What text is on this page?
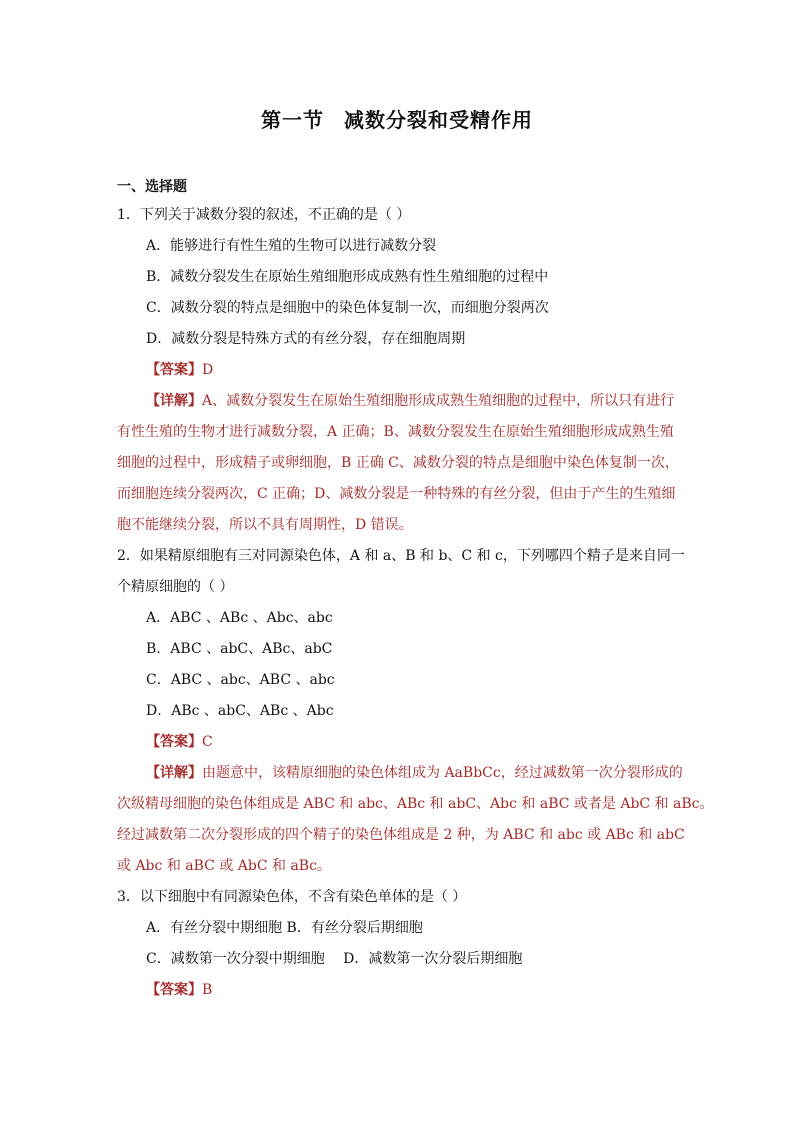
第一节 减数分裂和受精作用
一、选择题
1．下列关于减数分裂的叙述，不正确的是（ ）
A．能够进行有性生殖的生物可以进行减数分裂
B．减数分裂发生在原始生殖细胞形成成熟有性生殖细胞的过程中
C．减数分裂的特点是细胞中的染色体复制一次，而细胞分裂两次
D．减数分裂是特殊方式的有丝分裂，存在细胞周期
【答案】D
【详解】A、减数分裂发生在原始生殖细胞形成成熟生殖细胞的过程中，所以只有进行
有性生殖的生物才进行减数分裂，A 正确；B、减数分裂发生在原始生殖细胞形成成熟生殖
细胞的过程中，形成精子或卵细胞，B 正确 C、减数分裂的特点是细胞中染色体复制一次，
而细胞连续分裂两次，C 正确；D、减数分裂是一种特殊的有丝分裂，但由于产生的生殖细
胞不能继续分裂，所以不具有周期性，D 错误。
2．如果精原细胞有三对同源染色体，A 和 a、B 和 b、C 和 c，下列哪四个精子是来自同一
个精原细胞的（ ）
A．ABC 、ABc 、Abc、abc
B．ABC 、abC、ABc、abC
C．ABC 、abc、ABC 、abc
D．ABc 、abC、ABc 、Abc
【答案】C
【详解】由题意中，该精原细胞的染色体组成为 AaBbCc，经过减数第一次分裂形成的
次级精母细胞的染色体组成是 ABC 和 abc、ABc 和 abC、Abc 和 aBC 或者是 AbC 和 aBc。
经过减数第二次分裂形成的四个精子的染色体组成是 2 种，为 ABC 和 abc 或 ABc 和 abC
或 Abc 和 aBC 或 AbC 和 aBc。
3．以下细胞中有同源染色体，不含有染色单体的是（ ）
A．有丝分裂中期细胞 B．有丝分裂后期细胞
C．减数第一次分裂中期细胞　 D．减数第一次分裂后期细胞
【答案】B
